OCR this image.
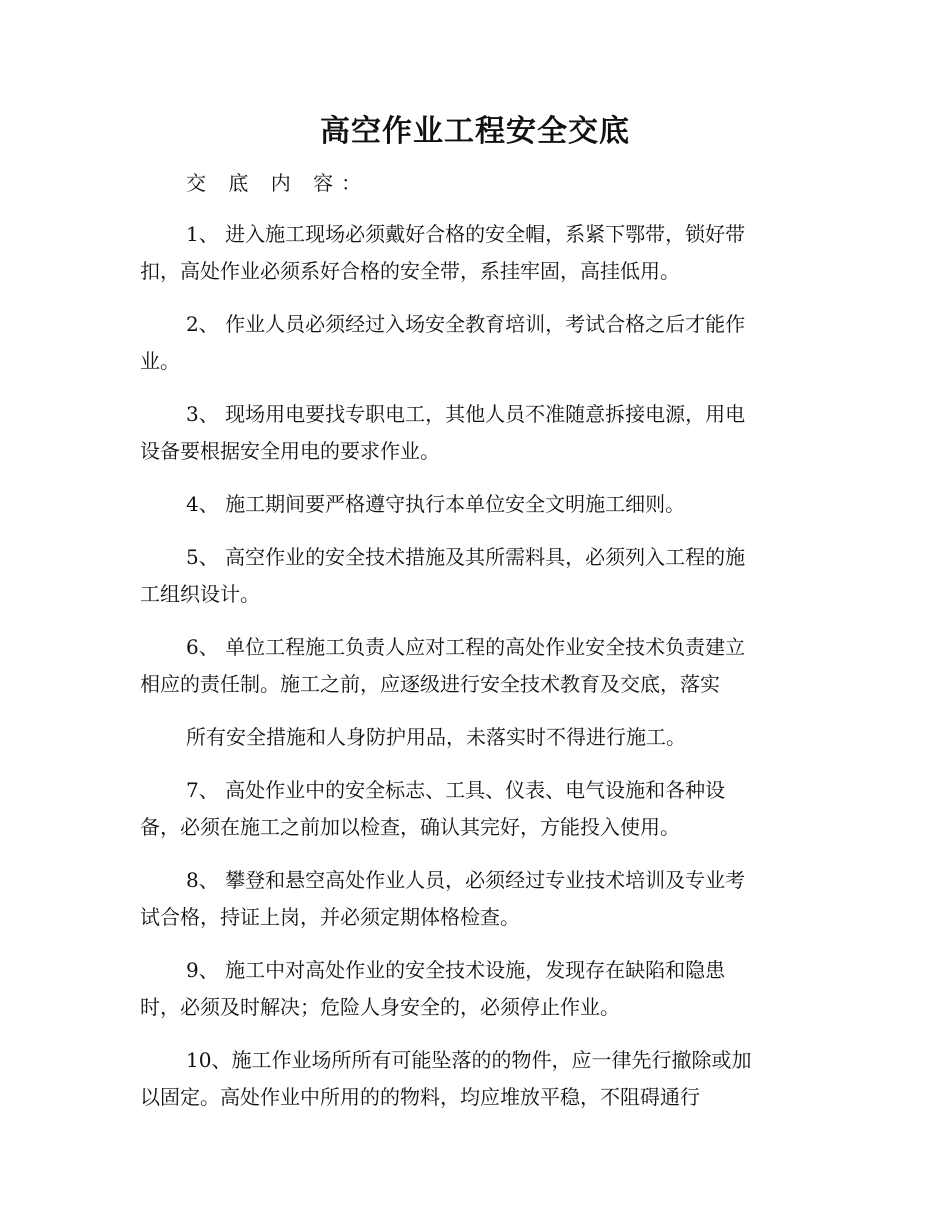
高空作业工程安全交底

交 底 内 容：

1、 进入施工现场必须戴好合格的安全帽，系紧下鄂带，锁好带

扣，高处作业必须系好合格的安全带，系挂牢固，高挂低用。

2、 作业人员必须经过入场安全教育培训，考试合格之后才能作

业。

3、 现场用电要找专职电工，其他人员不准随意拆接电源，用电

设备要根据安全用电的要求作业。

4、 施工期间要严格遵守执行本单位安全文明施工细则。

5、 高空作业的安全技术措施及其所需料具，必须列入工程的施

工组织设计。

6、 单位工程施工负责人应对工程的高处作业安全技术负责建立

相应的责任制。施工之前，应逐级进行安全技术教育及交底，落实

所有安全措施和人身防护用品，未落实时不得进行施工。

7、 高处作业中的安全标志、工具、仪表、电气设施和各种设

备，必须在施工之前加以检查，确认其完好，方能投入使用。

8、 攀登和悬空高处作业人员，必须经过专业技术培训及专业考

试合格，持证上岗，并必须定期体格检查。

9、 施工中对高处作业的安全技术设施，发现存在缺陷和隐患

时，必须及时解决；危险人身安全的，必须停止作业。

10、施工作业场所所有可能坠落的的物件，应一律先行撤除或加

以固定。高处作业中所用的的物料，均应堆放平稳，不阻碍通行
